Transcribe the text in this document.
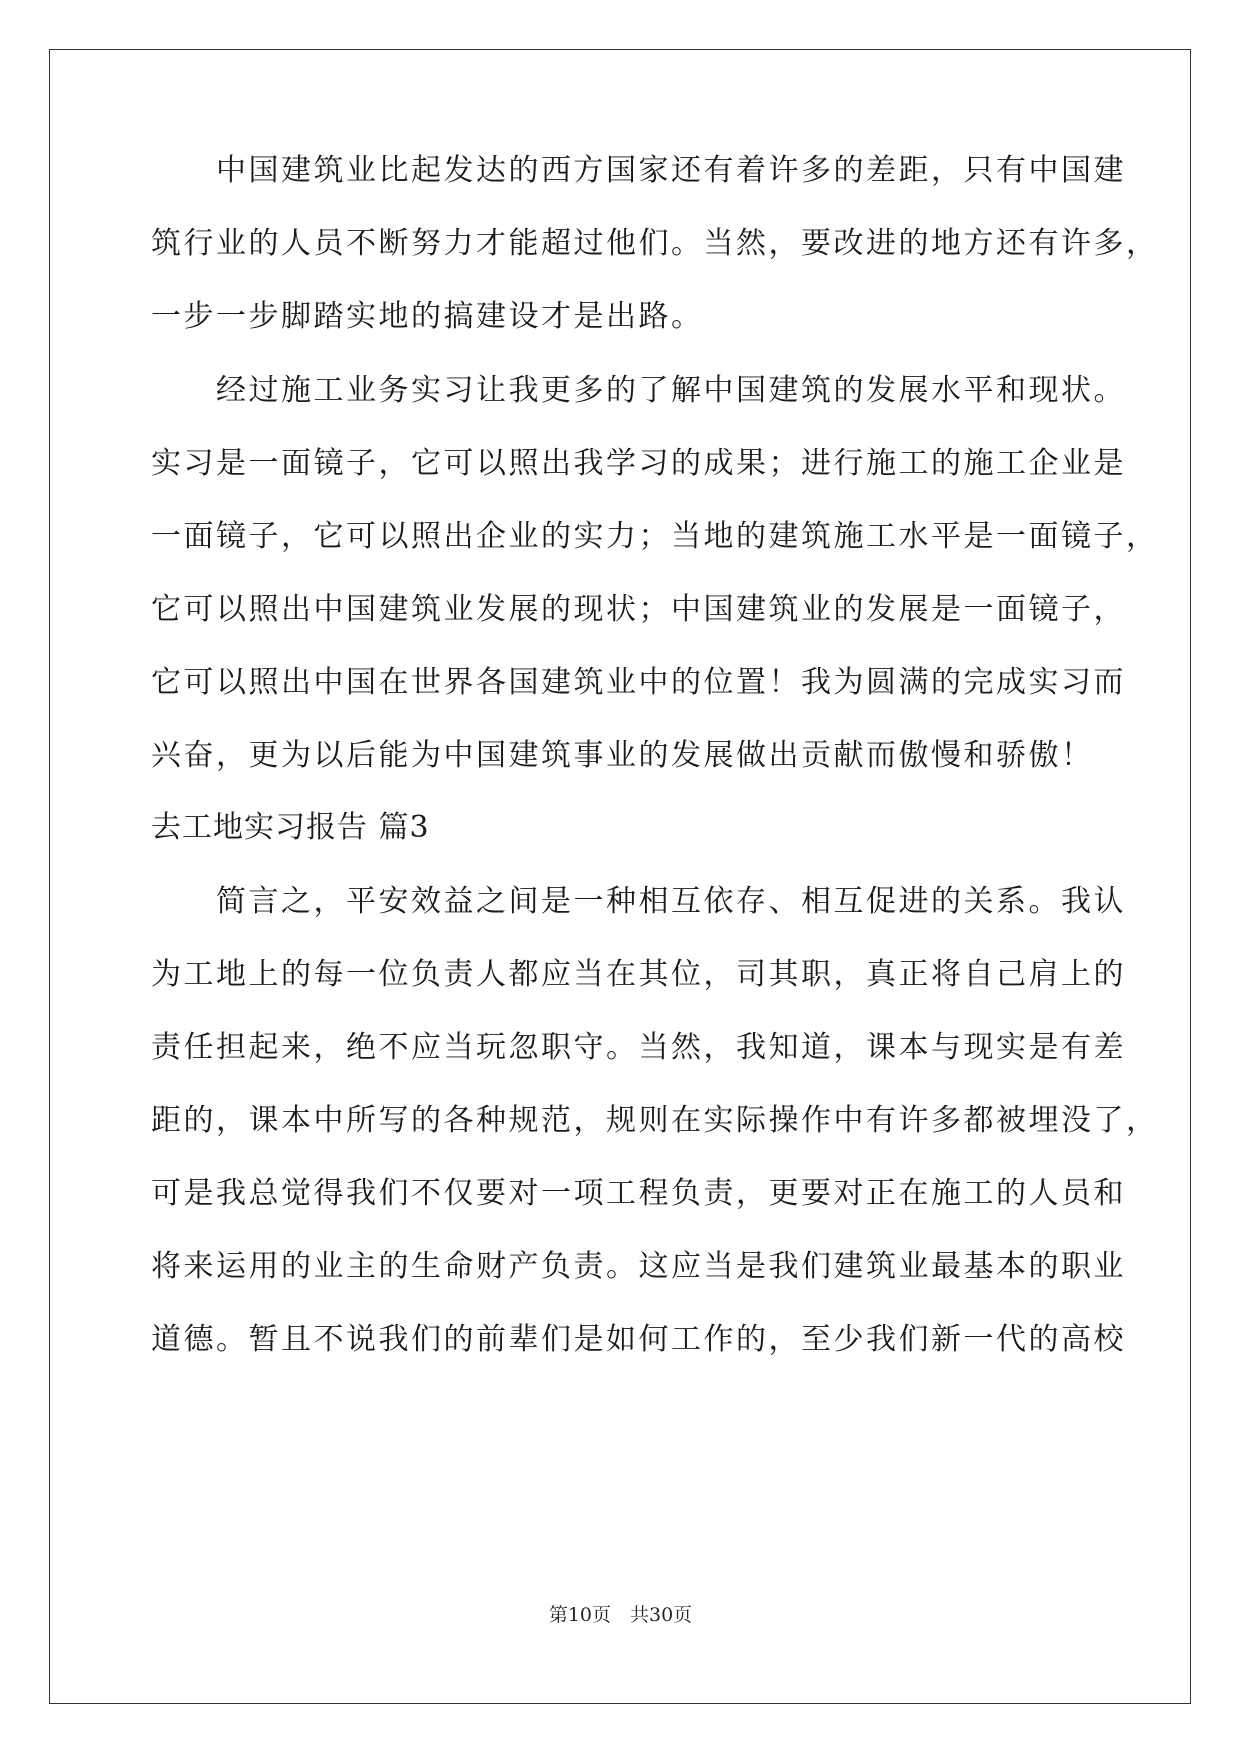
中国建筑业比起发达的西方国家还有着许多的差距，只有中国建
筑行业的人员不断努力才能超过他们。当然，要改进的地方还有许多，
一步一步脚踏实地的搞建设才是出路。
经过施工业务实习让我更多的了解中国建筑的发展水平和现状。
实习是一面镜子，它可以照出我学习的成果；进行施工的施工企业是
一面镜子，它可以照出企业的实力；当地的建筑施工水平是一面镜子，
它可以照出中国建筑业发展的现状；中国建筑业的发展是一面镜子，
它可以照出中国在世界各国建筑业中的位置！我为圆满的完成实习而
兴奋，更为以后能为中国建筑事业的发展做出贡献而傲慢和骄傲！
去工地实习报告 篇3
简言之，平安效益之间是一种相互依存、相互促进的关系。我认
为工地上的每一位负责人都应当在其位，司其职，真正将自己肩上的
责任担起来，绝不应当玩忽职守。当然，我知道，课本与现实是有差
距的，课本中所写的各种规范，规则在实际操作中有许多都被埋没了，
可是我总觉得我们不仅要对一项工程负责，更要对正在施工的人员和
将来运用的业主的生命财产负责。这应当是我们建筑业最基本的职业
道德。暂且不说我们的前辈们是如何工作的，至少我们新一代的高校
第10页　共30页
